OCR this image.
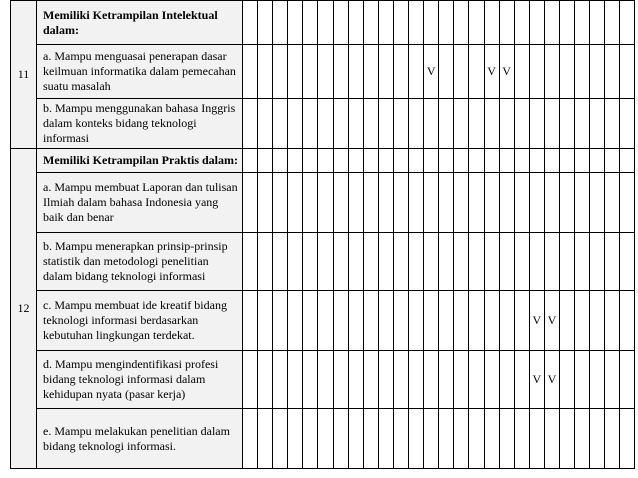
11	Memiliki Ketrampilan Intelektual dalam:																										
	a. Mampu menguasai penerapan dasar keilmuan informatika dalam pemecahan suatu masalah													V				V	V								
	b. Mampu menggunakan bahasa Inggris dalam konteks bidang teknologi informasi																										
12	Memiliki Ketrampilan Praktis dalam:																										
	a. Mampu membuat Laporan dan tulisan Ilmiah dalam bahasa Indonesia yang baik dan benar																										
	b. Mampu menerapkan prinsip-prinsip statistik dan metodologi penelitian dalam bidang teknologi informasi																										
	c. Mampu membuat ide kreatif bidang teknologi informasi berdasarkan kebutuhan lingkungan terdekat.																				V	V					
	d. Mampu mengindentifikasi profesi bidang teknologi informasi dalam kehidupan nyata (pasar kerja)																				V	V					
	e. Mampu melakukan penelitian dalam bidang teknologi informasi.																										
